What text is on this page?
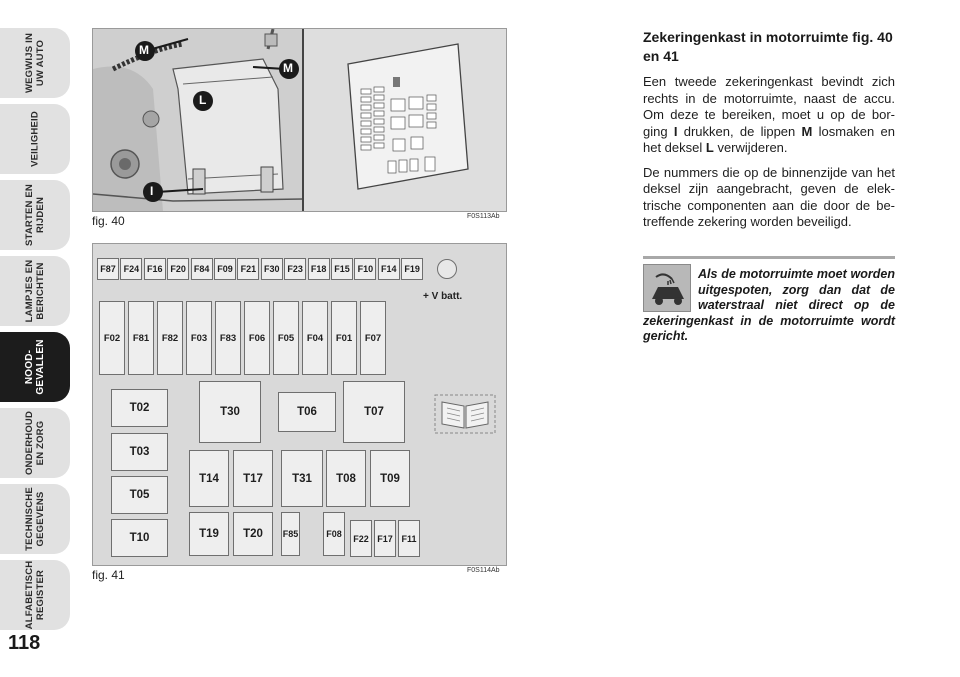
WEGWIJS IN
UW AUTO
VEILIGHEID
STARTEN EN
RIJDEN
LAMPJES EN
BERICHTEN
NOOD-
GEVALLEN
ONDERHOUD
EN ZORG
TECHNISCHE
GEGEVENS
ALFABETISCH
REGISTER
118
M
M
L
I
fig. 40	F0S113Ab
F87 F24 F16 F20 F84 F09 F21 F30 F23 F18 F15 F10 F14 F19
F02	F81	F82	F03	F83	F06	F05	F04	F01	F07
+ V batt.
T02
T03
T05
T10
T30	T06	T07
T14	T17	T31	T08	T09
T19	T20	F85	F08	F22 F17 F11
fig. 41	F0S114Ab
Zekeringenkast in motorruimte fig. 40 en 41

Een tweede zekeringenkast bevindt zich rechts in de motorruimte, naast de accu. Om deze te bereiken, moet u op de bor-ging I drukken, de lippen M losmaken en het deksel L verwijderen.

De nummers die op de binnenzijde van het deksel zijn aangebracht, geven de elek-trische componenten aan die door de be-treffende zekering worden beveiligd.

Als de motorruimte moet worden uitgespoten, zorg dan dat de waterstraal niet direct op de zekeringenkast in de motorruimte wordt gericht.
